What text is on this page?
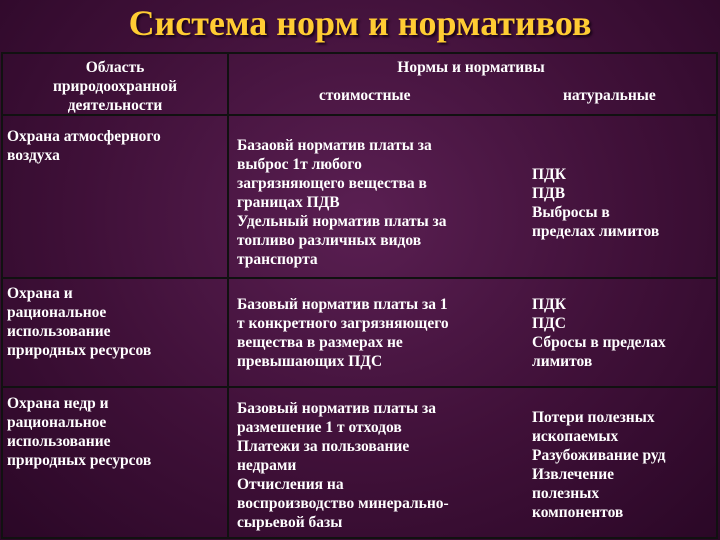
Система норм и нормативов
Область
природоохранной
деятельности
Нормы и нормативы
стоимостные	натуральные
Охрана атмосферного
воздуха
Базаовй норматив платы за
выброс 1т любого
загрязняющего вещества в
границах ПДВ
Удельный норматив платы за
топливо различных видов
транспорта
ПДК
ПДВ
Выбросы в
пределах лимитов
Охрана и
рациональное
использование
природных ресурсов
Базовый норматив платы за 1
т конкретного загрязняющего
вещества в размерах не
превышающих ПДС
ПДК
ПДС
Сбросы в пределах
лимитов
Охрана недр и
рациональное
использование
природных ресурсов
Базовый норматив платы за
размешение 1 т отходов
Платежи за пользование
недрами
Отчисления на
воспроизводство минерально-
сырьевой базы
Потери полезных
ископаемых
Разубоживание руд
Извлечение
полезных
компонентов
